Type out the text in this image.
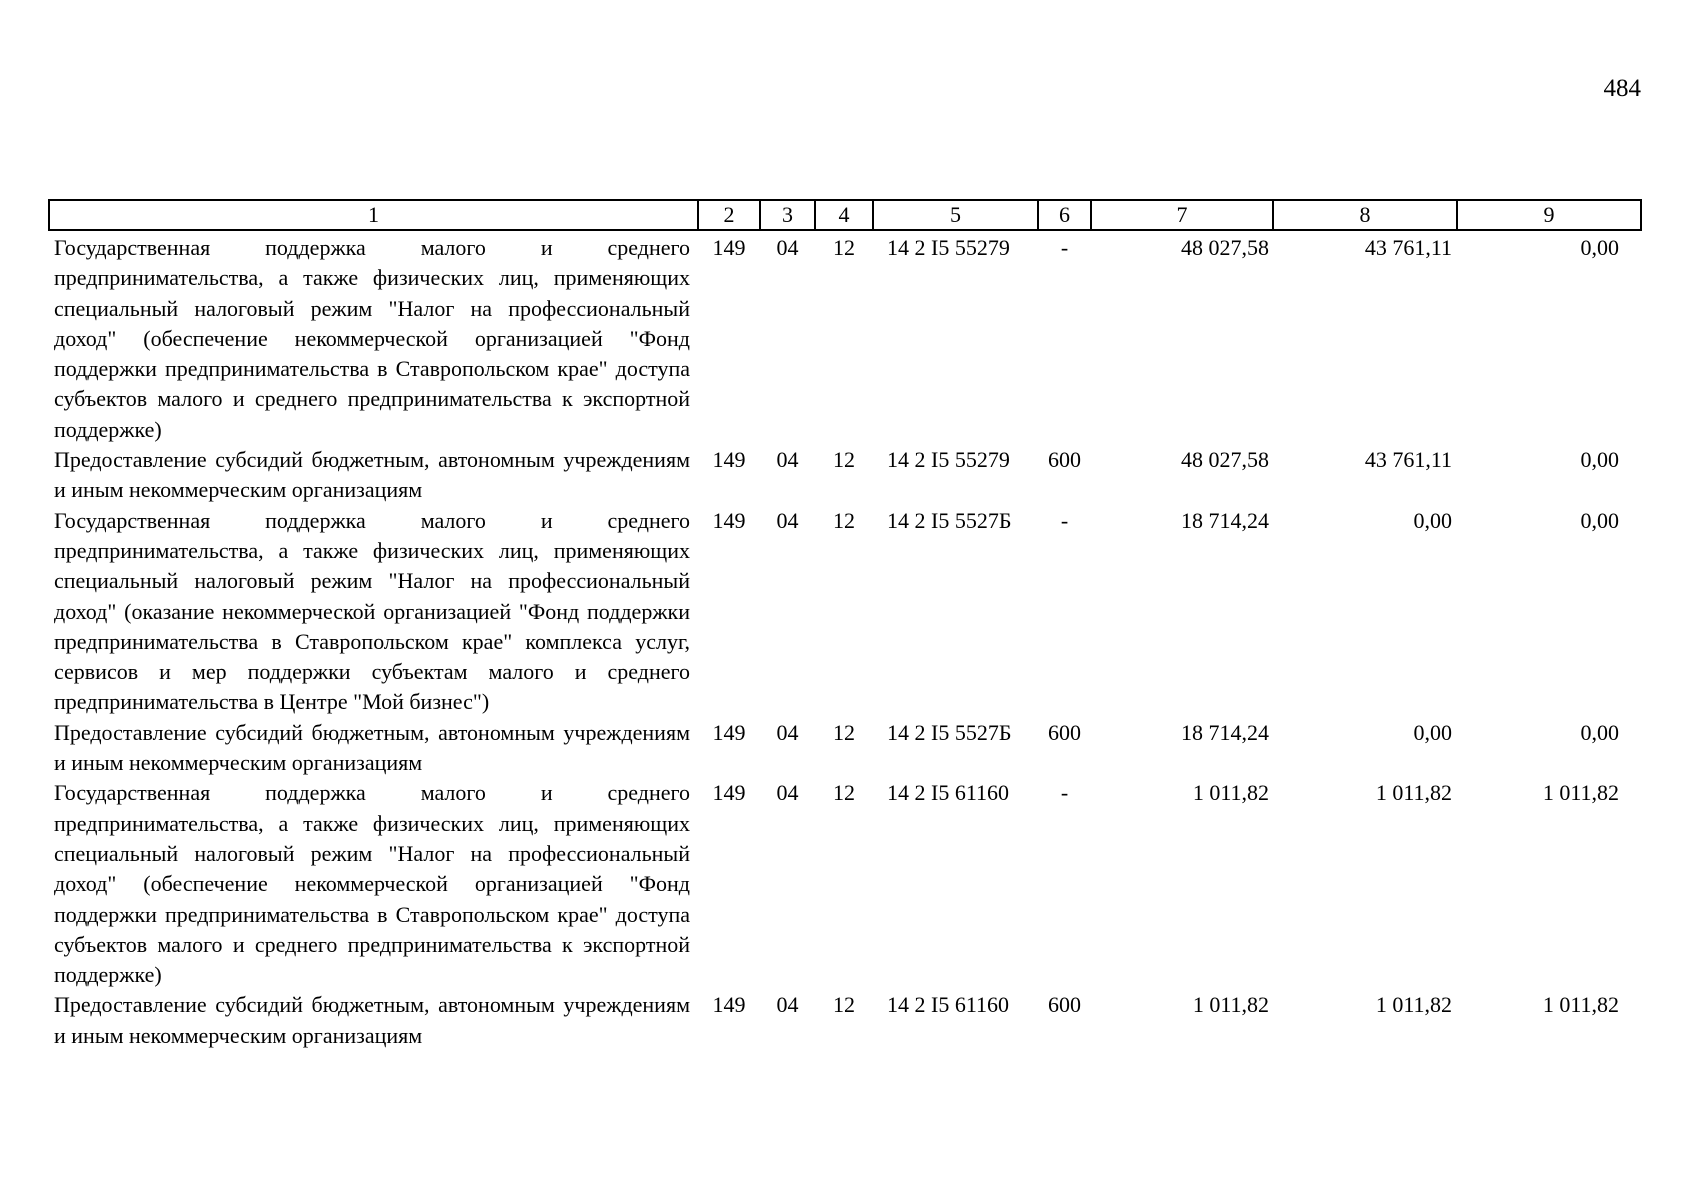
484
1	2	3	4	5	6	7	8	9
Государственная поддержка малого и среднего предпринимательства, а также физических лиц, применяющих специальный налоговый режим "Налог на профессиональный доход" (обеспечение некоммерческой организацией "Фонд поддержки предпринимательства в Ставропольском крае" доступа субъектов малого и среднего предпринимательства к экспортной поддержке)	149	04	12	14 2 I5 55279	-	48 027,58	43 761,11	0,00
Предоставление субсидий бюджетным, автономным учреждениям и иным некоммерческим организациям	149	04	12	14 2 I5 55279	600	48 027,58	43 761,11	0,00
Государственная поддержка малого и среднего предпринимательства, а также физических лиц, применяющих специальный налоговый режим "Налог на профессиональный доход" (оказание некоммерческой организацией "Фонд поддержки предпринимательства в Ставропольском крае" комплекса услуг, сервисов и мер поддержки субъектам малого и среднего предпринимательства в Центре "Мой бизнес")	149	04	12	14 2 I5 5527Б	-	18 714,24	0,00	0,00
Предоставление субсидий бюджетным, автономным учреждениям и иным некоммерческим организациям	149	04	12	14 2 I5 5527Б	600	18 714,24	0,00	0,00
Государственная поддержка малого и среднего предпринимательства, а также физических лиц, применяющих специальный налоговый режим "Налог на профессиональный доход" (обеспечение некоммерческой организацией "Фонд поддержки предпринимательства в Ставропольском крае" доступа субъектов малого и среднего предпринимательства к экспортной поддержке)	149	04	12	14 2 I5 61160	-	1 011,82	1 011,82	1 011,82
Предоставление субсидий бюджетным, автономным учреждениям и иным некоммерческим организациям	149	04	12	14 2 I5 61160	600	1 011,82	1 011,82	1 011,82
